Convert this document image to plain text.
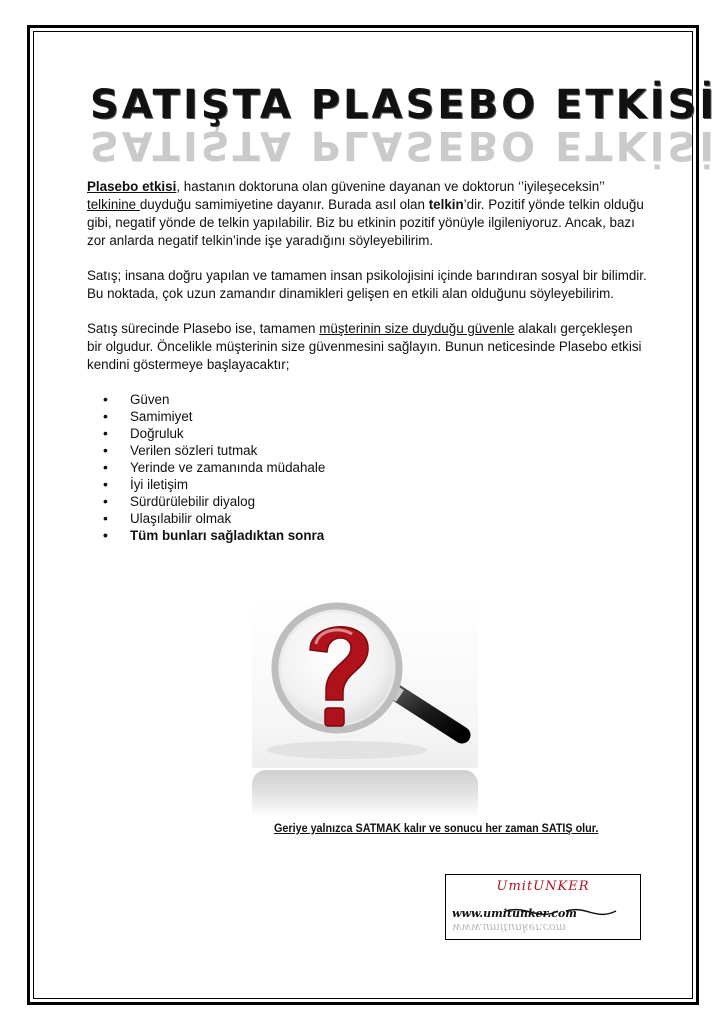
SATIŞTA PLASEBO ETKİSİ
SATIŞTA PLASEBO ETKİSİ

Plasebo etkisi, hastanın doktoruna olan güvenine dayanan ve doktorun ‘’iyileşeceksin’’ telkinine duyduğu samimiyetine dayanır. Burada asıl olan telkin’dir. Pozitif yönde telkin olduğu gibi, negatif yönde de telkin yapılabilir. Biz bu etkinin pozitif yönüyle ilgileniyoruz. Ancak, bazı zor anlarda negatif telkin’inde işe yaradığını söyleyebilirim.

Satış; insana doğru yapılan ve tamamen insan psikolojisini içinde barındıran sosyal bir bilimdir. Bu noktada, çok uzun zamandır dinamikleri gelişen en etkili alan olduğunu söyleyebilirim.

Satış sürecinde Plasebo ise, tamamen müşterinin size duyduğu güvenle alakalı gerçekleşen bir olgudur. Öncelikle müşterinin size güvenmesini sağlayın. Bunun neticesinde Plasebo etkisi kendini göstermeye başlayacaktır;

• Güven
• Samimiyet
• Doğruluk
• Verilen sözleri tutmak
• Yerinde ve zamanında müdahale
• İyi iletişim
• Sürdürülebilir diyalog
• Ulaşılabilir olmak
• Tüm bunları sağladıktan sonra
Geriye yalnızca SATMAK kalır ve sonucu her zaman SATIŞ olur.
UmitUNKER
www.umitunker.com
www.umitunker.com
